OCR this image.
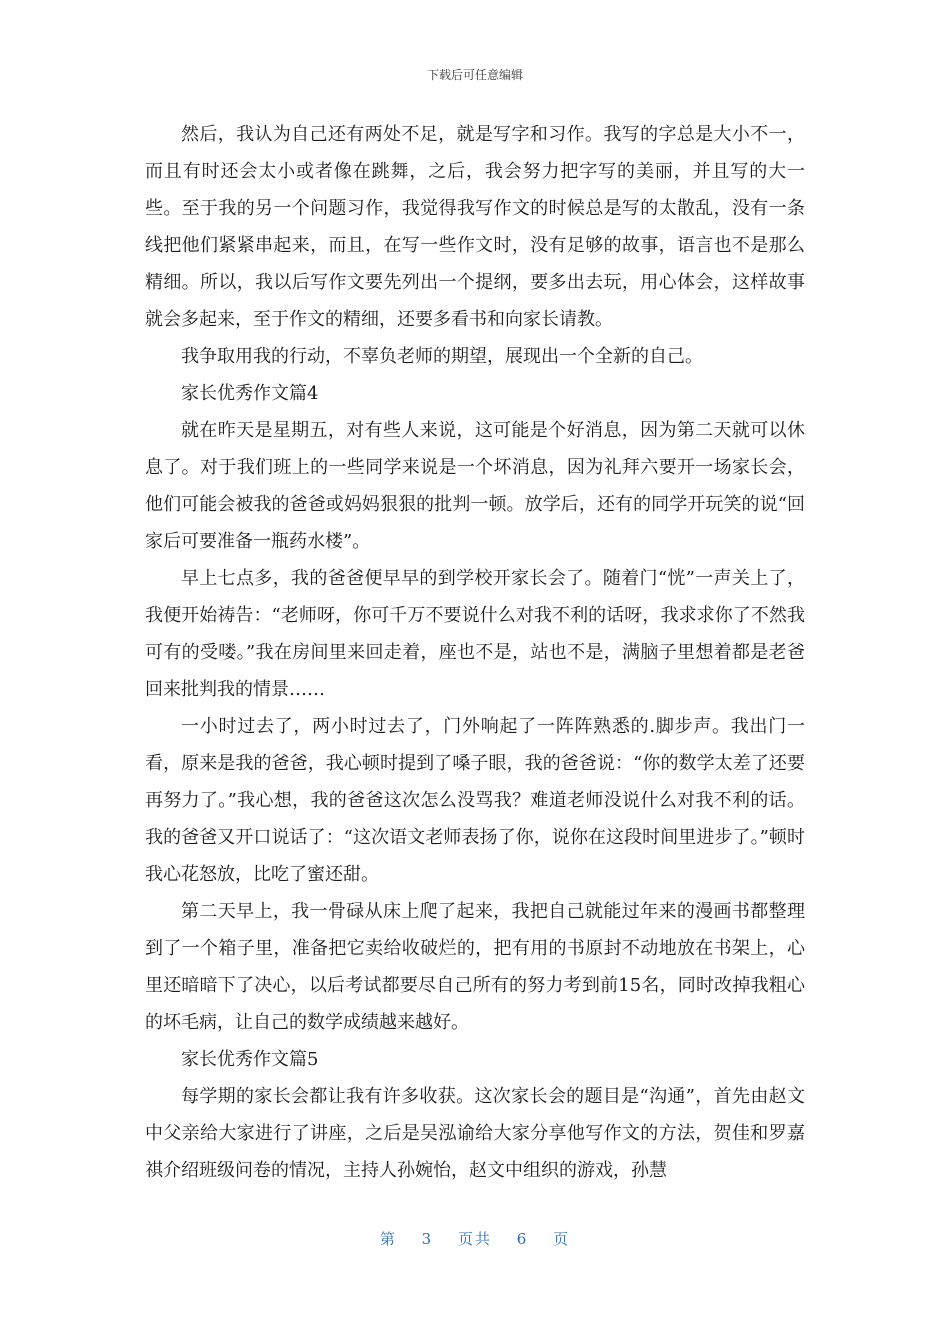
下载后可任意编辑

然后，我认为自己还有两处不足，就是写字和习作。我写的字总是大小不一，而且有时还会太小或者像在跳舞，之后，我会努力把字写的美丽，并且写的大一些。至于我的另一个问题习作，我觉得我写作文的时候总是写的太散乱，没有一条线把他们紧紧串起来，而且，在写一些作文时，没有足够的故事，语言也不是那么精细。所以，我以后写作文要先列出一个提纲，要多出去玩，用心体会，这样故事就会多起来，至于作文的精细，还要多看书和向家长请教。

我争取用我的行动，不辜负老师的期望，展现出一个全新的自己。

家长优秀作文篇4

就在昨天是星期五，对有些人来说，这可能是个好消息，因为第二天就可以休息了。对于我们班上的一些同学来说是一个坏消息，因为礼拜六要开一场家长会，他们可能会被我的爸爸或妈妈狠狠的批判一顿。放学后，还有的同学开玩笑的说“回家后可要准备一瓶药水楼”。

早上七点多，我的爸爸便早早的到学校开家长会了。随着门“恍”一声关上了，我便开始祷告：“老师呀，你可千万不要说什么对我不利的话呀，我求求你了不然我可有的受喽。”我在房间里来回走着，座也不是，站也不是，满脑子里想着都是老爸回来批判我的情景……

一小时过去了，两小时过去了，门外响起了一阵阵熟悉的.脚步声。我出门一看，原来是我的爸爸，我心顿时提到了嗓子眼，我的爸爸说：“你的数学太差了还要再努力了。”我心想，我的爸爸这次怎么没骂我？难道老师没说什么对我不利的话。我的爸爸又开口说话了：“这次语文老师表扬了你，说你在这段时间里进步了。”顿时我心花怒放，比吃了蜜还甜。

第二天早上，我一骨碌从床上爬了起来，我把自己就能过年来的漫画书都整理到了一个箱子里，准备把它卖给收破烂的，把有用的书原封不动地放在书架上，心里还暗暗下了决心，以后考试都要尽自己所有的努力考到前15名，同时改掉我粗心的坏毛病，让自己的数学成绩越来越好。

家长优秀作文篇5

每学期的家长会都让我有许多收获。这次家长会的题目是“沟通”，首先由赵文中父亲给大家进行了讲座，之后是吴泓谕给大家分享他写作文的方法，贺佳和罗嘉祺介绍班级问卷的情况，主持人孙婉怡，赵文中组织的游戏，孙慧

第 3 页共 6 页
